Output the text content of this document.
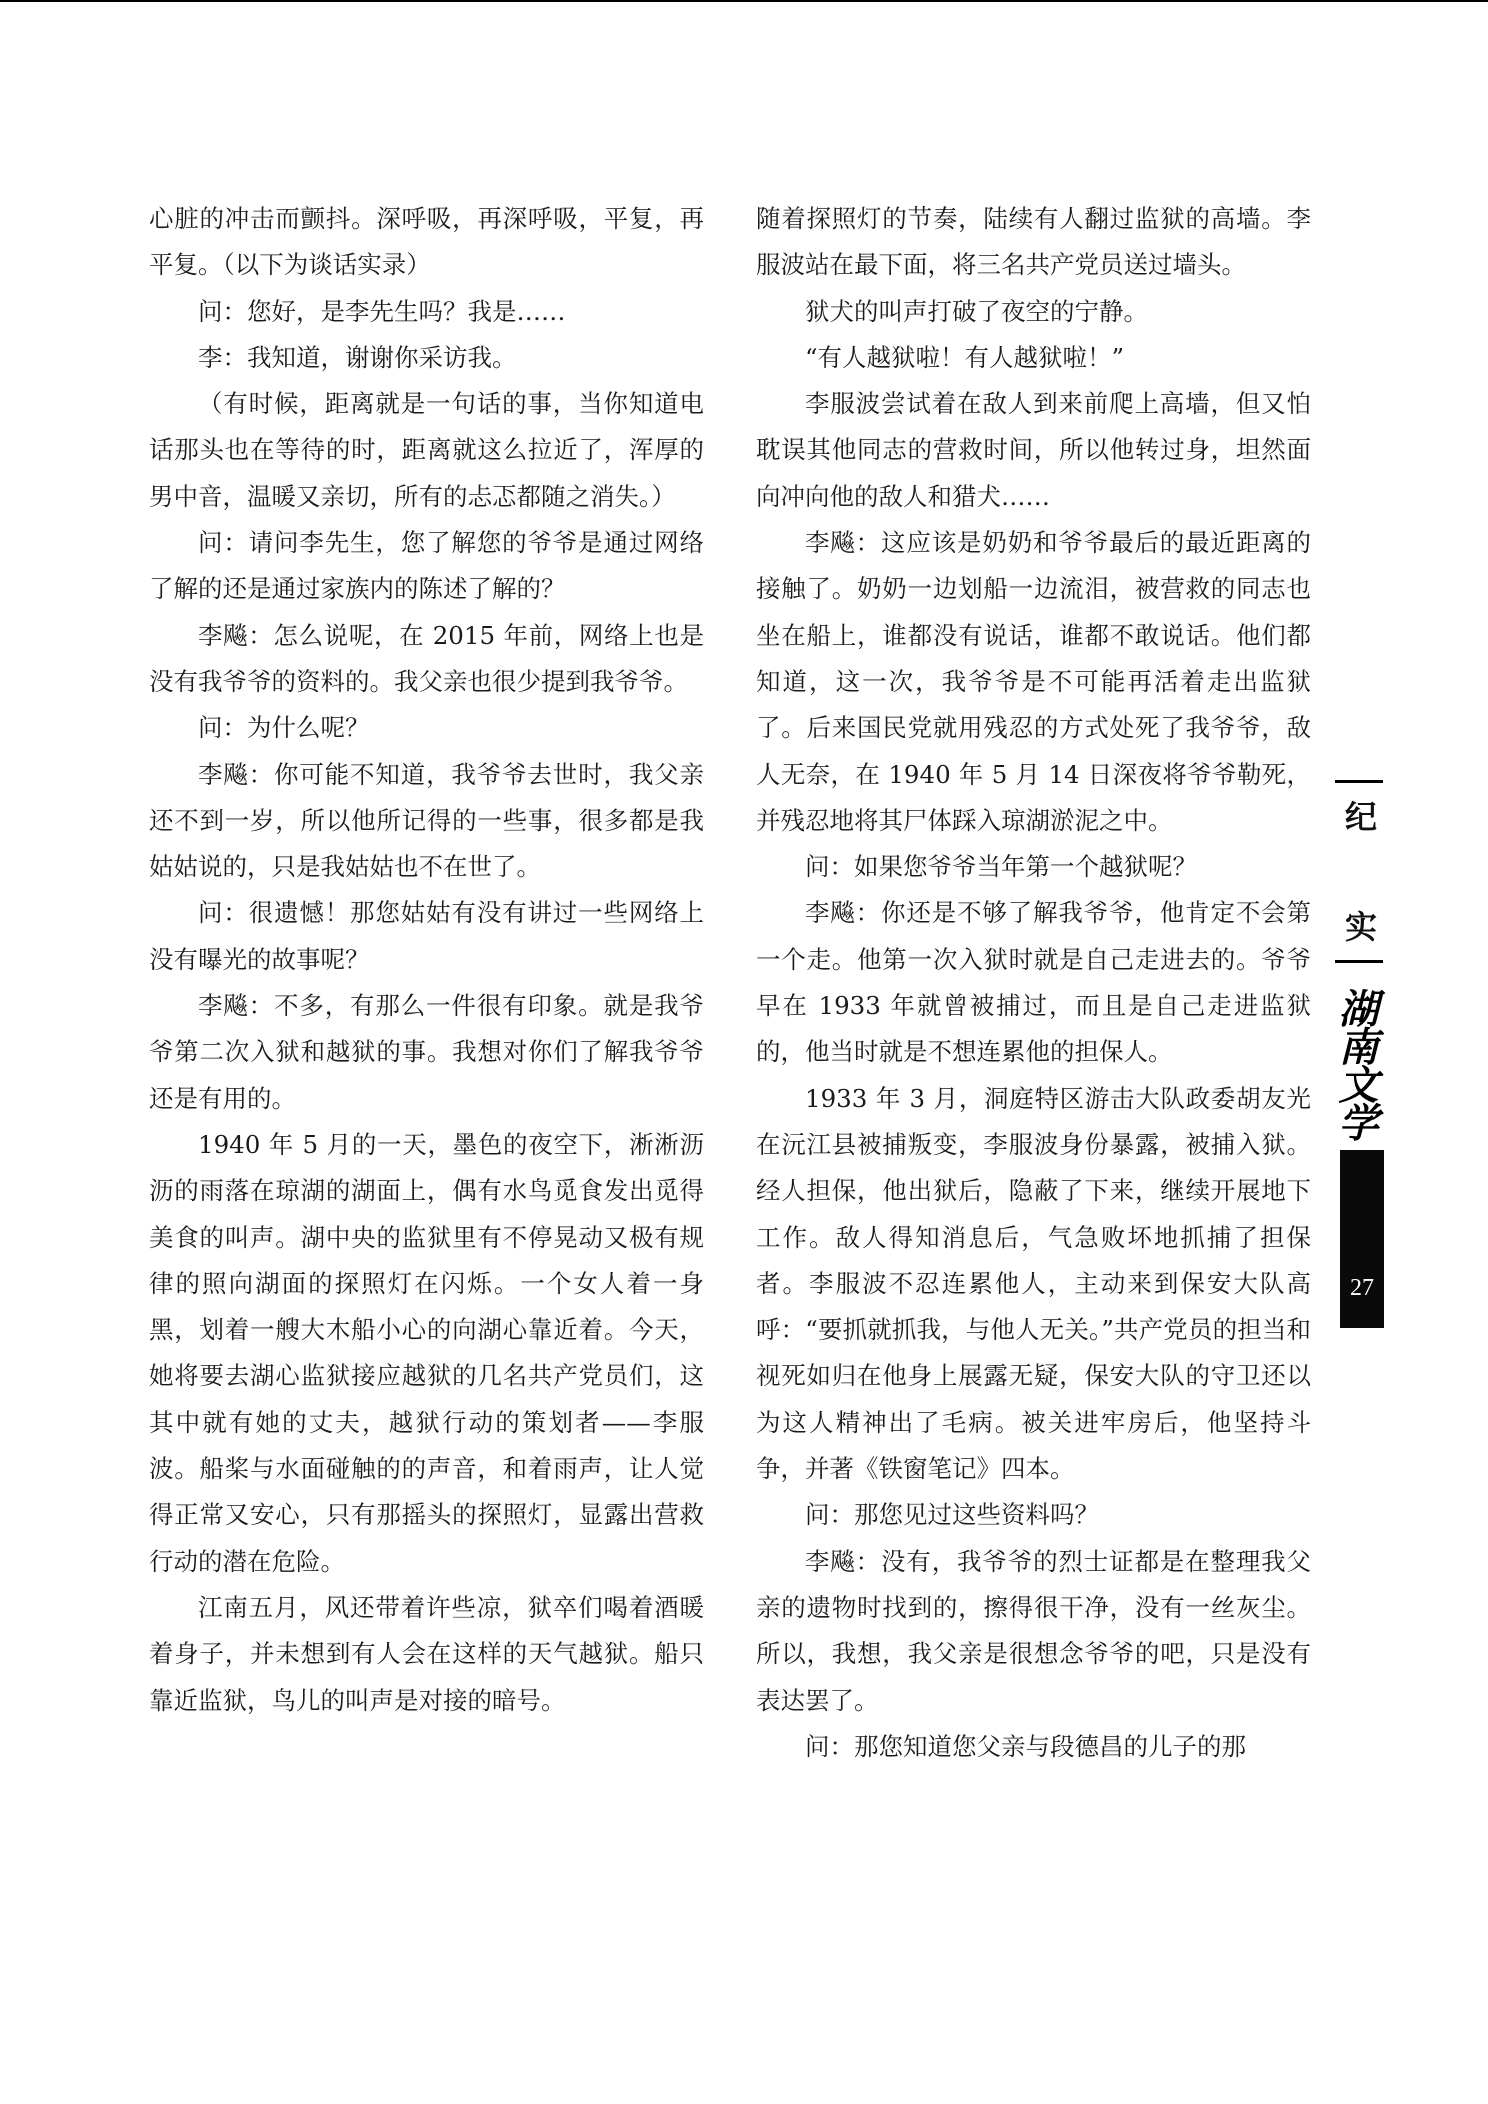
心脏的冲击而颤抖。深呼吸，再深呼吸，平复，再平复。（以下为谈话实录）

问：您好，是李先生吗？我是……

李：我知道，谢谢你采访我。

（有时候，距离就是一句话的事，当你知道电话那头也在等待的时，距离就这么拉近了，浑厚的男中音，温暖又亲切，所有的忐忑都随之消失。）

问：请问李先生，您了解您的爷爷是通过网络了解的还是通过家族内的陈述了解的？

李飚：怎么说呢，在 2015 年前，网络上也是没有我爷爷的资料的。我父亲也很少提到我爷爷。

问：为什么呢？

李飚：你可能不知道，我爷爷去世时，我父亲还不到一岁，所以他所记得的一些事，很多都是我姑姑说的，只是我姑姑也不在世了。

问：很遗憾！那您姑姑有没有讲过一些网络上没有曝光的故事呢？

李飚：不多，有那么一件很有印象。就是我爷爷第二次入狱和越狱的事。我想对你们了解我爷爷还是有用的。

1940 年 5 月的一天，墨色的夜空下，淅淅沥沥的雨落在琼湖的湖面上，偶有水鸟觅食发出觅得美食的叫声。湖中央的监狱里有不停晃动又极有规律的照向湖面的探照灯在闪烁。一个女人着一身黑，划着一艘大木船小心的向湖心靠近着。今天，她将要去湖心监狱接应越狱的几名共产党员们，这其中就有她的丈夫，越狱行动的策划者——李服波。船桨与水面碰触的的声音，和着雨声，让人觉得正常又安心，只有那摇头的探照灯，显露出营救行动的潜在危险。

江南五月，风还带着许些凉，狱卒们喝着酒暖着身子，并未想到有人会在这样的天气越狱。船只靠近监狱，鸟儿的叫声是对接的暗号。

随着探照灯的节奏，陆续有人翻过监狱的高墙。李服波站在最下面，将三名共产党员送过墙头。

狱犬的叫声打破了夜空的宁静。

“有人越狱啦！有人越狱啦！”

李服波尝试着在敌人到来前爬上高墙，但又怕耽误其他同志的营救时间，所以他转过身，坦然面向冲向他的敌人和猎犬……

李飚：这应该是奶奶和爷爷最后的最近距离的接触了。奶奶一边划船一边流泪，被营救的同志也坐在船上，谁都没有说话，谁都不敢说话。他们都知道，这一次，我爷爷是不可能再活着走出监狱了。后来国民党就用残忍的方式处死了我爷爷，敌人无奈，在 1940 年 5 月 14 日深夜将爷爷勒死，并残忍地将其尸体踩入琼湖淤泥之中。

问：如果您爷爷当年第一个越狱呢？

李飚：你还是不够了解我爷爷，他肯定不会第一个走。他第一次入狱时就是自己走进去的。爷爷早在 1933 年就曾被捕过，而且是自己走进监狱的，他当时就是不想连累他的担保人。

1933 年 3 月，洞庭特区游击大队政委胡友光在沅江县被捕叛变，李服波身份暴露，被捕入狱。经人担保，他出狱后，隐蔽了下来，继续开展地下工作。敌人得知消息后，气急败坏地抓捕了担保者。李服波不忍连累他人，主动来到保安大队高呼：“要抓就抓我，与他人无关。”共产党员的担当和视死如归在他身上展露无疑，保安大队的守卫还以为这人精神出了毛病。被关进牢房后，他坚持斗争，并著《铁窗笔记》四本。

问：那您见过这些资料吗？

李飚：没有，我爷爷的烈士证都是在整理我父亲的遗物时找到的，擦得很干净，没有一丝灰尘。所以，我想，我父亲是很想念爷爷的吧，只是没有表达罢了。

问：那您知道您父亲与段德昌的儿子的那

纪
实
湖南文学
27
